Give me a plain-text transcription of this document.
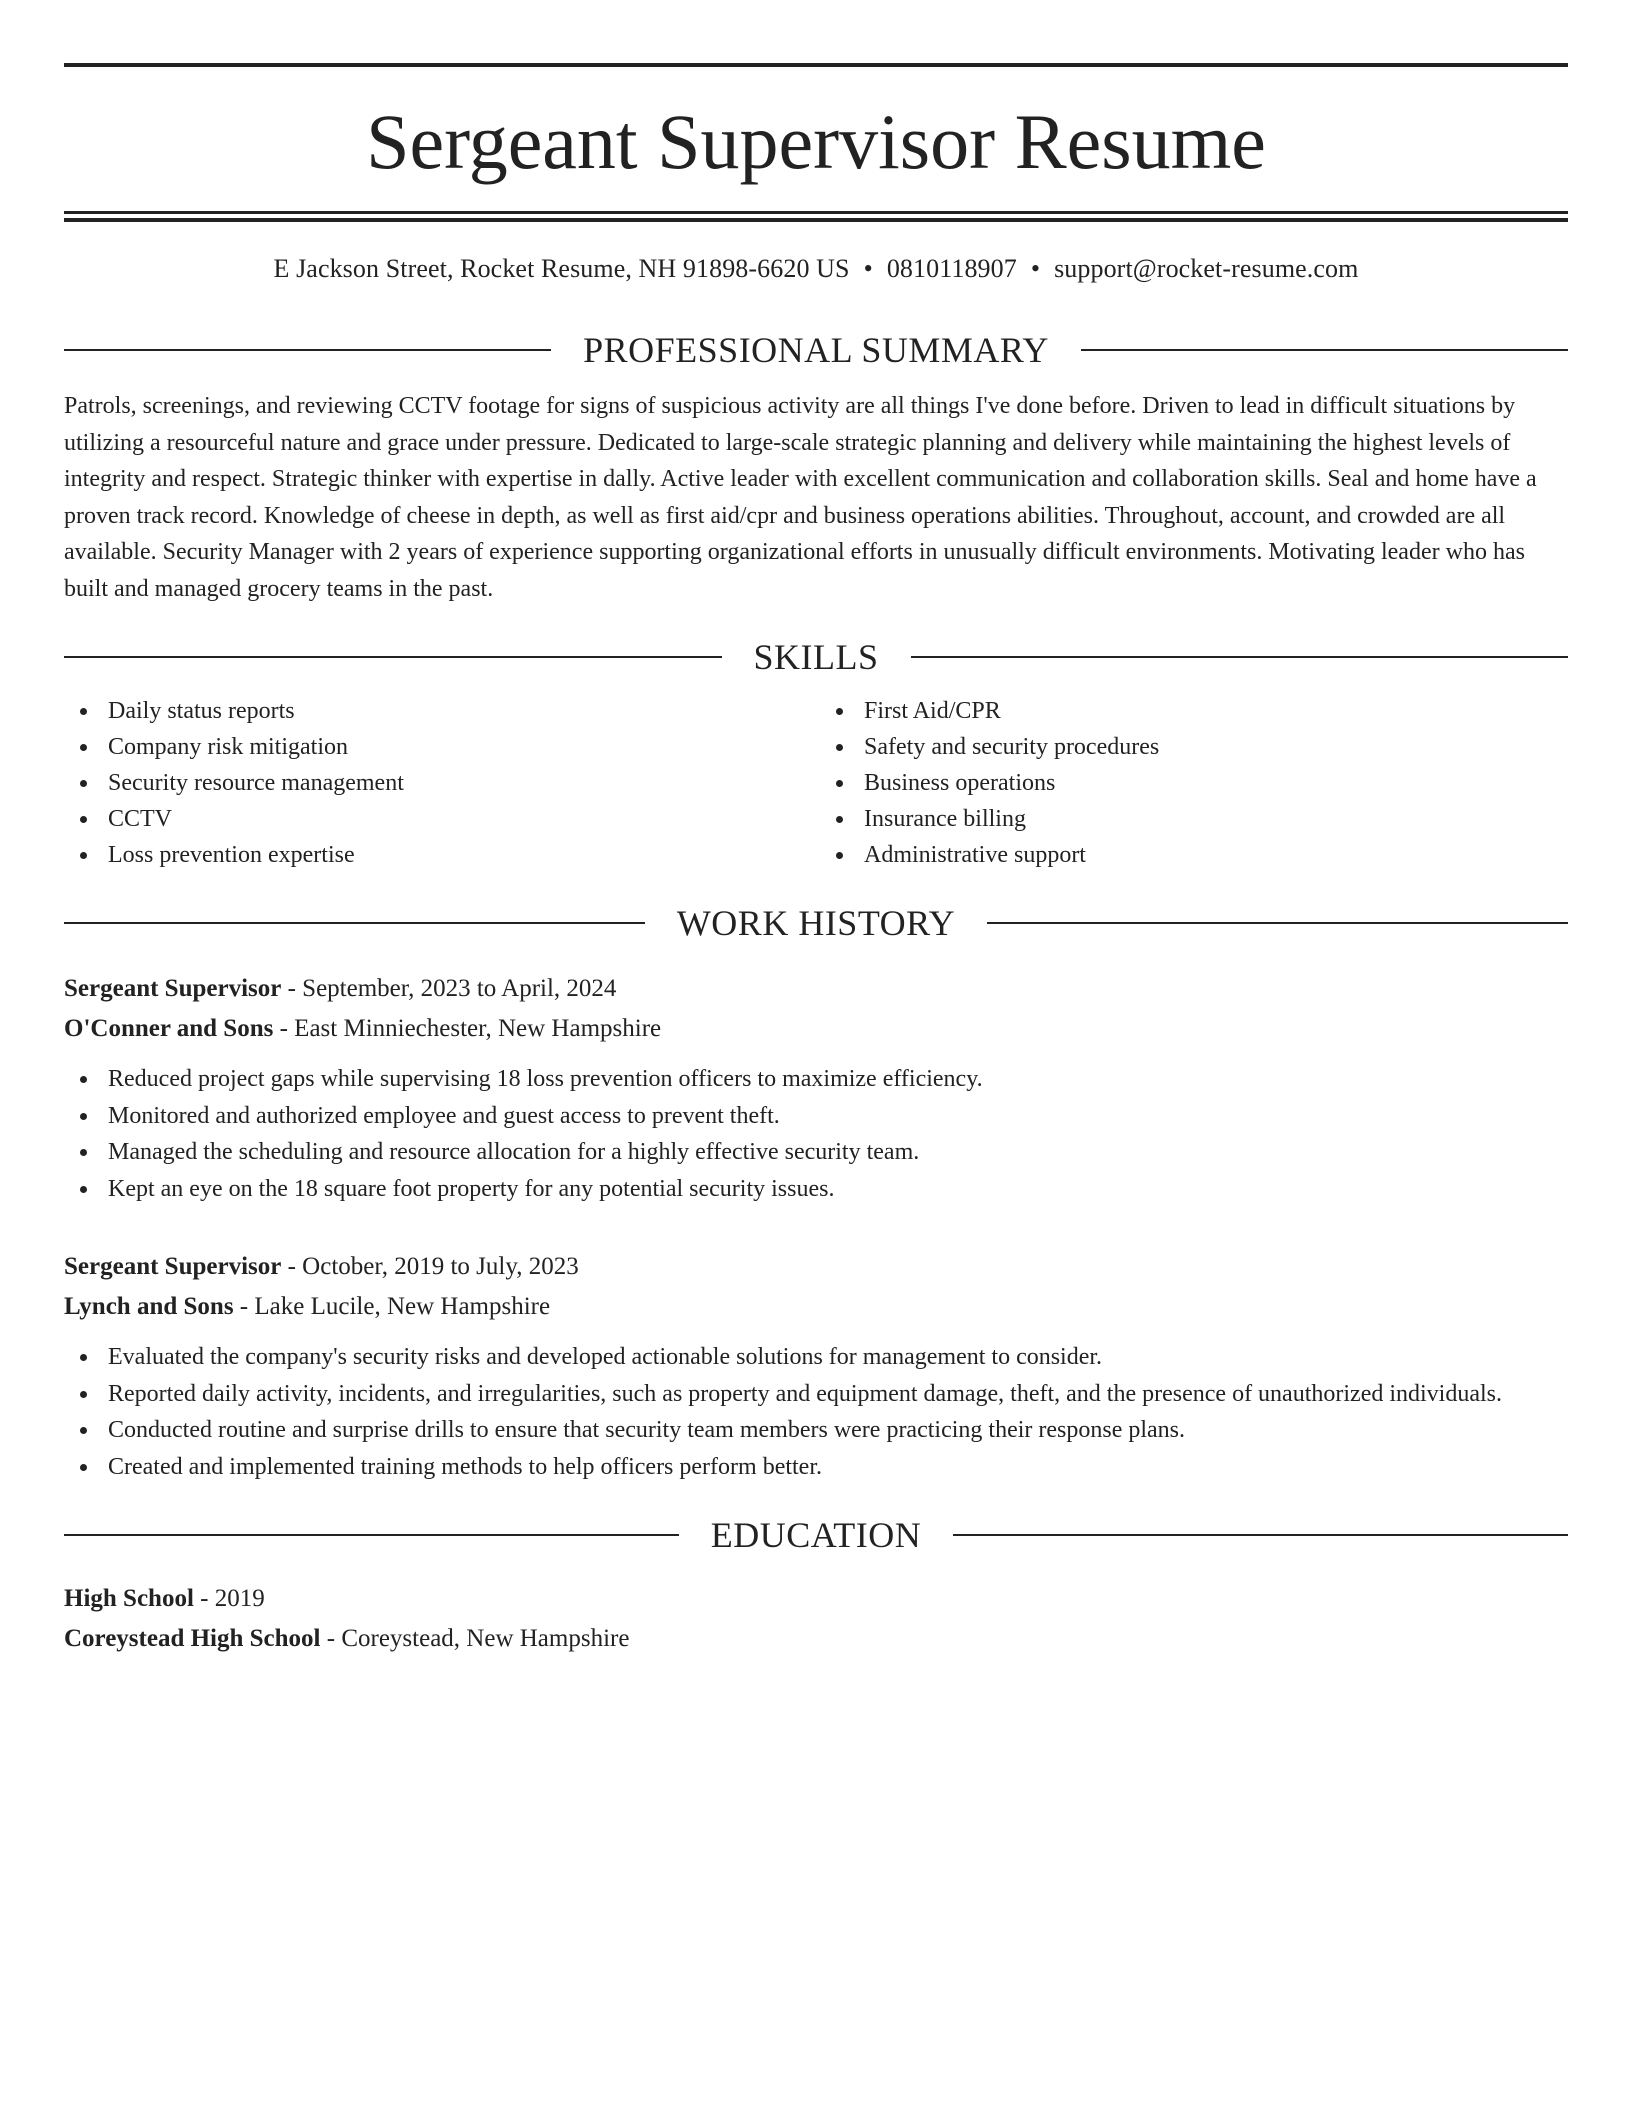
Sergeant Supervisor Resume
E Jackson Street, Rocket Resume, NH 91898-6620 US • 0810118907 • support@rocket-resume.com
PROFESSIONAL SUMMARY
Patrols, screenings, and reviewing CCTV footage for signs of suspicious activity are all things I've done before. Driven to lead in difficult situations by utilizing a resourceful nature and grace under pressure. Dedicated to large-scale strategic planning and delivery while maintaining the highest levels of integrity and respect. Strategic thinker with expertise in dally. Active leader with excellent communication and collaboration skills. Seal and home have a proven track record. Knowledge of cheese in depth, as well as first aid/cpr and business operations abilities. Throughout, account, and crowded are all available. Security Manager with 2 years of experience supporting organizational efforts in unusually difficult environments. Motivating leader who has built and managed grocery teams in the past.
SKILLS
Daily status reports
Company risk mitigation
Security resource management
CCTV
Loss prevention expertise
First Aid/CPR
Safety and security procedures
Business operations
Insurance billing
Administrative support
WORK HISTORY
Sergeant Supervisor - September, 2023 to April, 2024
O'Conner and Sons - East Minniechester, New Hampshire
Reduced project gaps while supervising 18 loss prevention officers to maximize efficiency.
Monitored and authorized employee and guest access to prevent theft.
Managed the scheduling and resource allocation for a highly effective security team.
Kept an eye on the 18 square foot property for any potential security issues.
Sergeant Supervisor - October, 2019 to July, 2023
Lynch and Sons - Lake Lucile, New Hampshire
Evaluated the company's security risks and developed actionable solutions for management to consider.
Reported daily activity, incidents, and irregularities, such as property and equipment damage, theft, and the presence of unauthorized individuals.
Conducted routine and surprise drills to ensure that security team members were practicing their response plans.
Created and implemented training methods to help officers perform better.
EDUCATION
High School - 2019
Coreystead High School - Coreystead, New Hampshire
